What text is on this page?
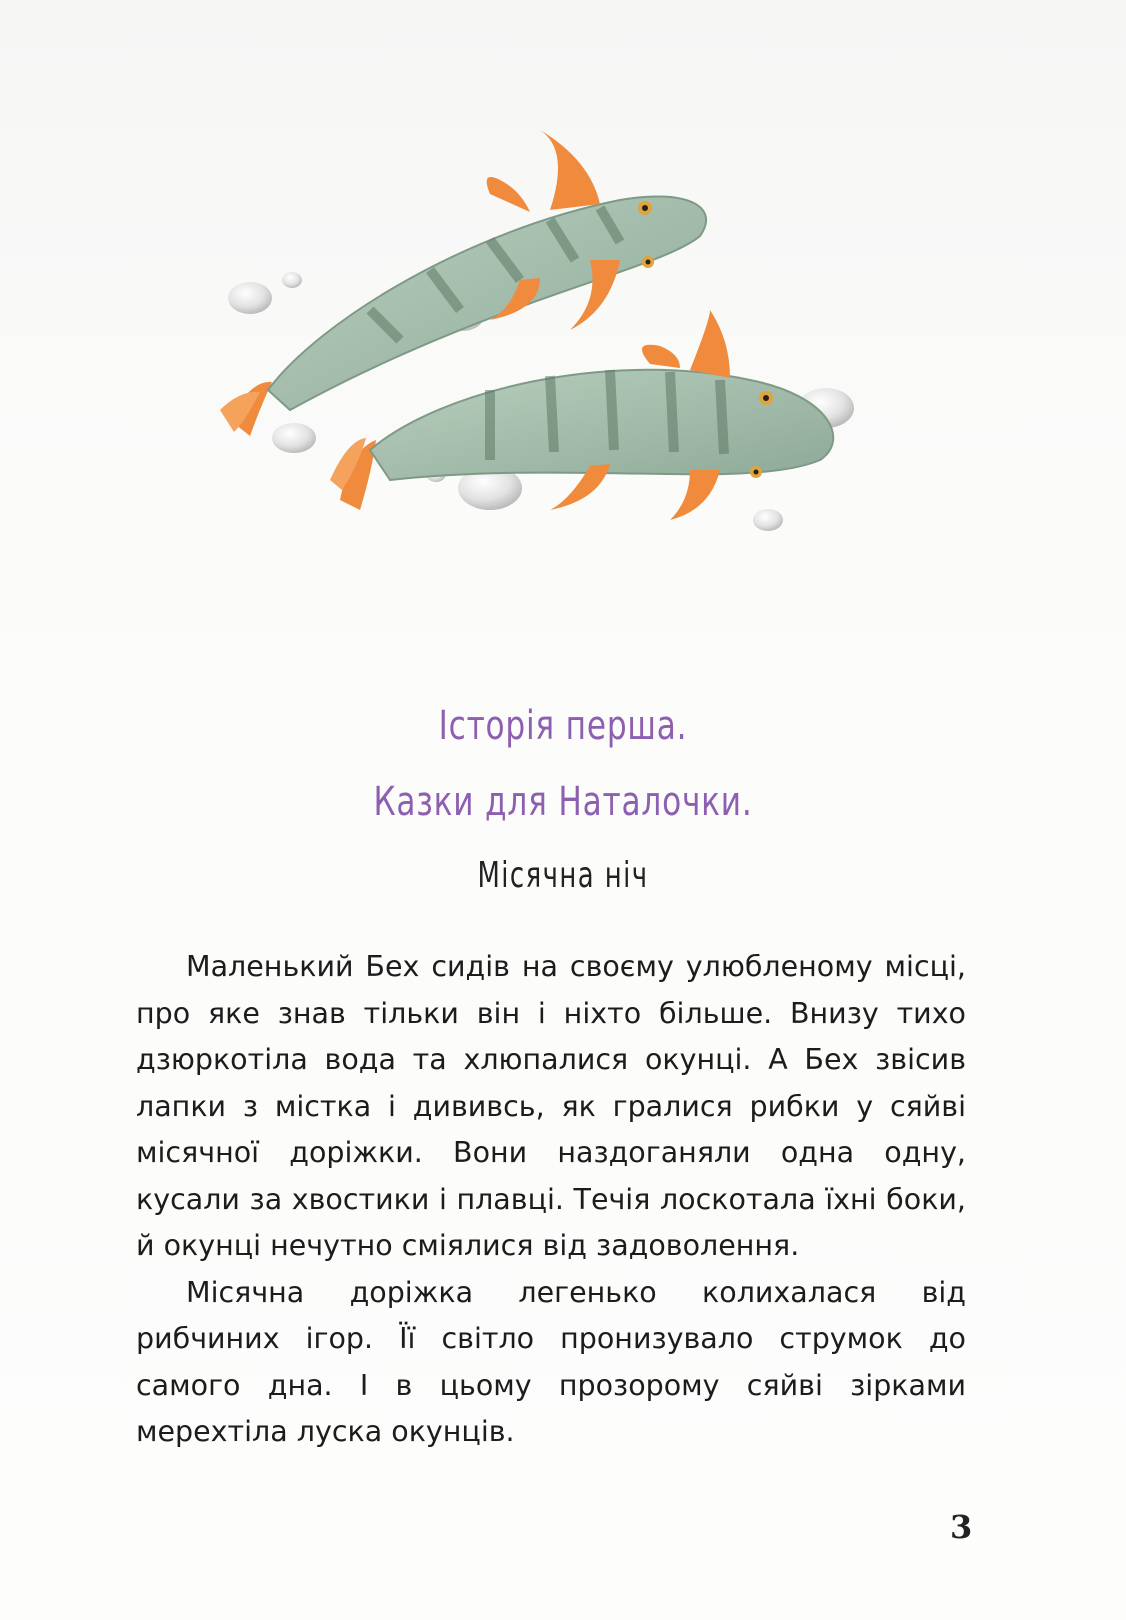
Історія перша.
Казки для Наталочки.
Місячна ніч

Маленький Бех сидів на своєму улюбленому місці, про яке знав тільки він і ніхто більше. Внизу тихо дзюркотіла вода та хлюпалися окунці. А Бех звісив лапки з містка і дививсь, як гралися рибки у сяйві місячної доріжки. Вони наздоганяли одна одну, кусали за хвостики і плавці. Течія лоскотала їхні боки, й окунці нечутно сміялися від задоволення.

Місячна доріжка легенько колихалася від рибчиних ігор. Її світло пронизувало струмок до самого дна. І в цьому прозорому сяйві зірками мерехтіла луска окунців.

3
